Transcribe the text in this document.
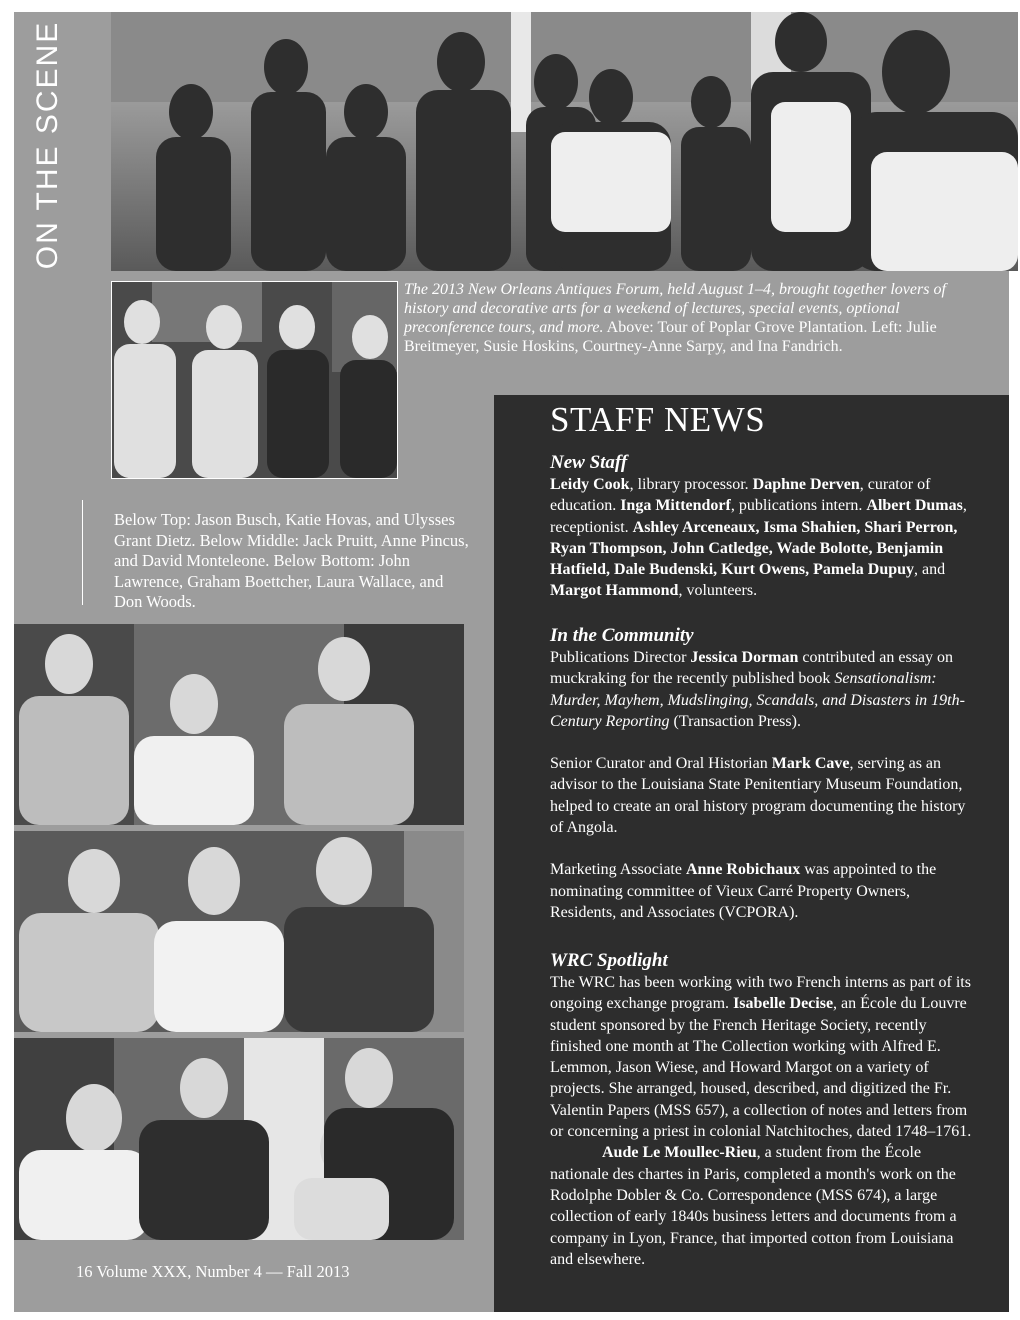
ON THE SCENE
The 2013 New Orleans Antiques Forum, held August 1–4, brought together lovers of history and decorative arts for a weekend of lectures, special events, optional preconference tours, and more. Above: Tour of Poplar Grove Plantation. Left: Julie Breitmeyer, Susie Hoskins, Courtney-Anne Sarpy, and Ina Fandrich.
Below Top: Jason Busch, Katie Hovas, and Ulysses Grant Dietz. Below Middle: Jack Pruitt, Anne Pincus, and David Monteleone. Below Bottom: John Lawrence, Graham Boettcher, Laura Wallace, and Don Woods.
16 Volume XXX, Number 4 — Fall 2013
STAFF NEWS
New Staff

Leidy Cook, library processor. Daphne Derven, curator of education. Inga Mittendorf, publications intern. Albert Dumas, receptionist. Ashley Arceneaux, Isma Shahien, Shari Perron, Ryan Thompson, John Catledge, Wade Bolotte, Benjamin Hatfield, Dale Budenski, Kurt Owens, Pamela Dupuy, and Margot Hammond, volunteers.

In the Community

Publications Director Jessica Dorman contributed an essay on muckraking for the recently published book Sensationalism: Murder, Mayhem, Mudslinging, Scandals, and Disasters in 19th-Century Reporting (Transaction Press).

Senior Curator and Oral Historian Mark Cave, serving as an advisor to the Louisiana State Penitentiary Museum Foundation, helped to create an oral history program documenting the history of Angola.

Marketing Associate Anne Robichaux was appointed to the nominating committee of Vieux Carré Property Owners, Residents, and Associates (VCPORA).

WRC Spotlight

The WRC has been working with two French interns as part of its ongoing exchange program. Isabelle Decise, an École du Louvre student sponsored by the French Heritage Society, recently finished one month at The Collection working with Alfred E. Lemmon, Jason Wiese, and Howard Margot on a variety of projects. She arranged, housed, described, and digitized the Fr. Valentin Papers (MSS 657), a collection of notes and letters from or concerning a priest in colonial Natchitoches, dated 1748–1761.

Aude Le Moullec-Rieu, a student from the École nationale des chartes in Paris, completed a month's work on the Rodolphe Dobler & Co. Correspondence (MSS 674), a large collection of early 1840s business letters and documents from a company in Lyon, France, that imported cotton from Louisiana and elsewhere.
